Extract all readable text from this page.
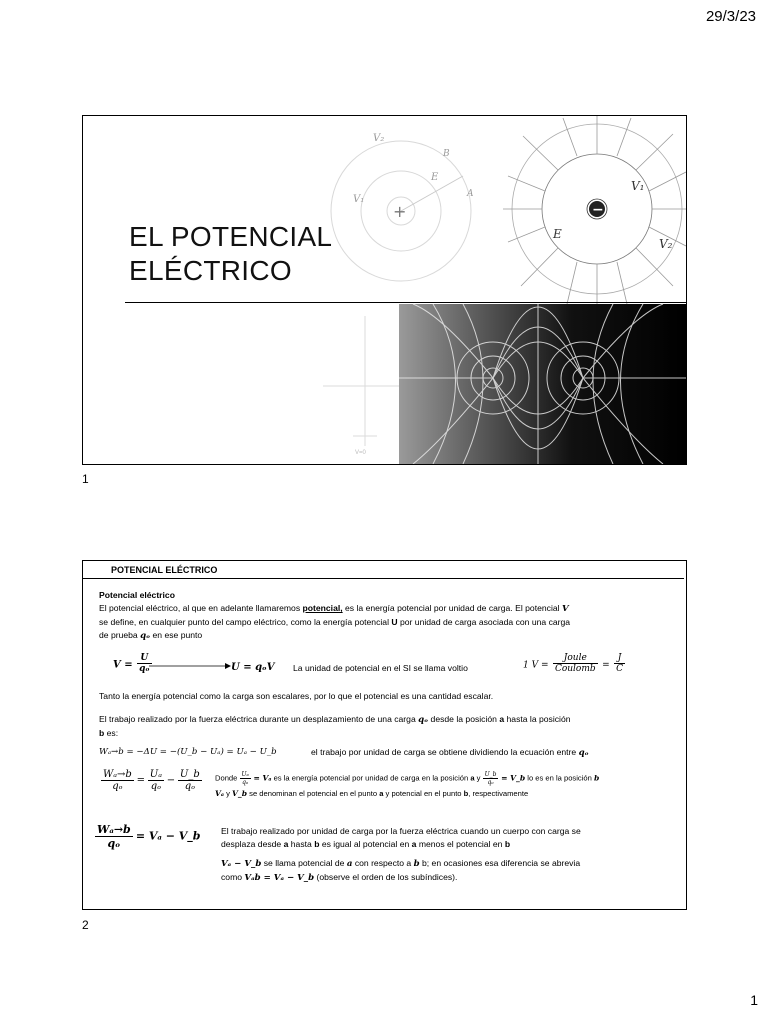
29/3/23
V=0
+
V₂
B
E
A
V₁
−
V₁
E
V₂
EL POTENCIAL
ELÉCTRICO
1
POTENCIAL ELÉCTRICO

Potencial eléctrico

El potencial eléctrico, al que en adelante llamaremos potencial, es la energía potencial por unidad de carga. El potencial V
se define, en cualquier punto del campo eléctrico, como la energía potencial U por unidad de carga asociada con una carga
de prueba qₒ en ese punto

$V = \frac{U}{\text{qₒ}}$	U = qₒV La unidad de potencial en el SI se llama voltio	1 $V = \frac{\text{Joule}}{\text{Coulomb}} = \frac{J}{C}$
Tanto la energía potencial como la carga son escalares, por lo que el potencial es una cantidad escalar.
El trabajo realizado por la fuerza eléctrica durante un desplazamiento de una carga qₒ desde la posición a hasta la posición
b es:
Wₐ→b = −ΔU = −(U_b − Uₐ) = Uₐ − U_b	el trabajo por unidad de carga se obtiene dividiendo la ecuación entre qₒ
$\frac{\text{Wₐ→b}}{\text{qₒ}} = \frac{\text{Uₐ}}{\text{qₒ}} - \frac{U\_b}{\text{qₒ}}$ Donde $\frac{\text{Uₐ}}{\text{qₒ}} = V_a$ es la energía potencial por unidad de carga en la posición a y $\frac{U\_b}{\text{qₒ}}$ = V_b lo es en la posición b
Vₐ y V_b se denominan el potencial en el punto a y potencial en el punto b, respectivamente
$\frac{\text{Wₐ→b}}{\text{qₒ}} = V_a$ − V_b El trabajo realizado por unidad de carga por la fuerza eléctrica cuando un cuerpo con carga se
desplaza desde a hasta b es igual al potencial en a menos el potencial en b
Vₐ − V_b se llama potencial de a con respecto a b b; en ocasiones esa diferencia se abrevia
como Vₐb = Vₐ − V_b (observe el orden de los subíndices).
2
1
